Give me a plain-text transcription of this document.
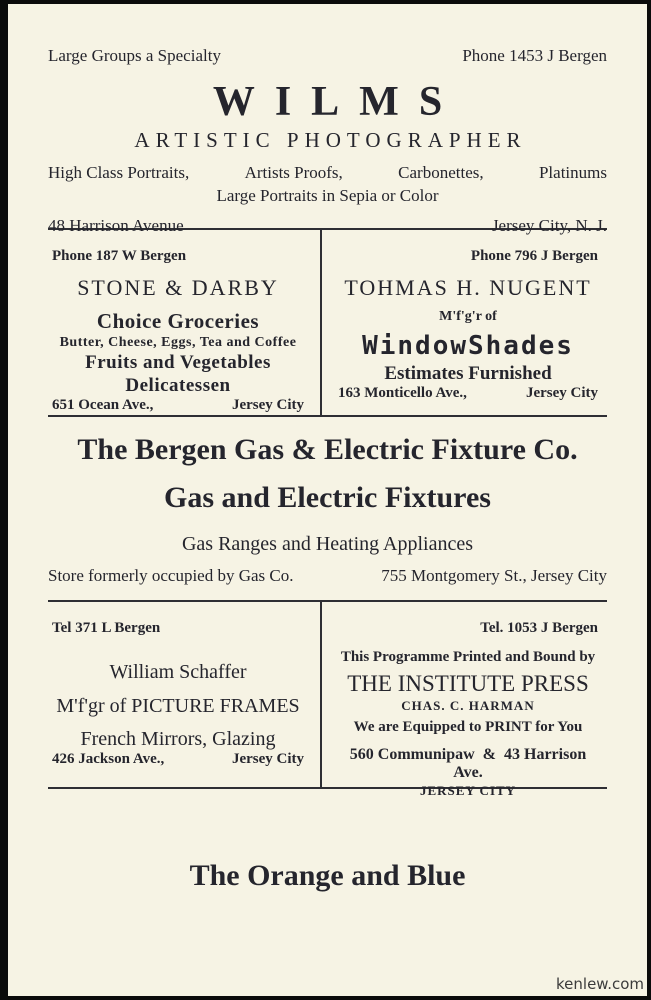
Large Groups a Specialty	Phone 1453 J Bergen
WILMS
ARTISTIC PHOTOGRAPHER
High Class Portraits,	Artists Proofs,	Carbonettes,	Platinums
Large Portraits in Sepia or Color
48 Harrison Avenue	Jersey City, N. J.
Phone 187 W Bergen
STONE & DARBY
Choice Groceries
Butter, Cheese, Eggs, Tea and Coffee
Fruits and Vegetables
Delicatessen
651 Ocean Ave.,	Jersey City
Phone 796 J Bergen
TOHMAS H. NUGENT
M'f'g'r of
WindowShades
Estimates Furnished
163 Monticello Ave.,	Jersey City
The Bergen Gas & Electric Fixture Co.
Gas and Electric Fixtures
Gas Ranges and Heating Appliances
Store formerly occupied by Gas Co.	755 Montgomery St., Jersey City
Tel 371 L Bergen
William Schaffer
M'f'gr of PICTURE FRAMES
French Mirrors, Glazing
426 Jackson Ave.,	Jersey City
Tel. 1053 J Bergen
This Programme Printed and Bound by
THE INSTITUTE PRESS
CHAS. C. HARMAN
We are Equipped to PRINT for You
560 Communipaw  &  43 Harrison Ave.
JERSEY CITY
The Orange and Blue
kenlew.com
